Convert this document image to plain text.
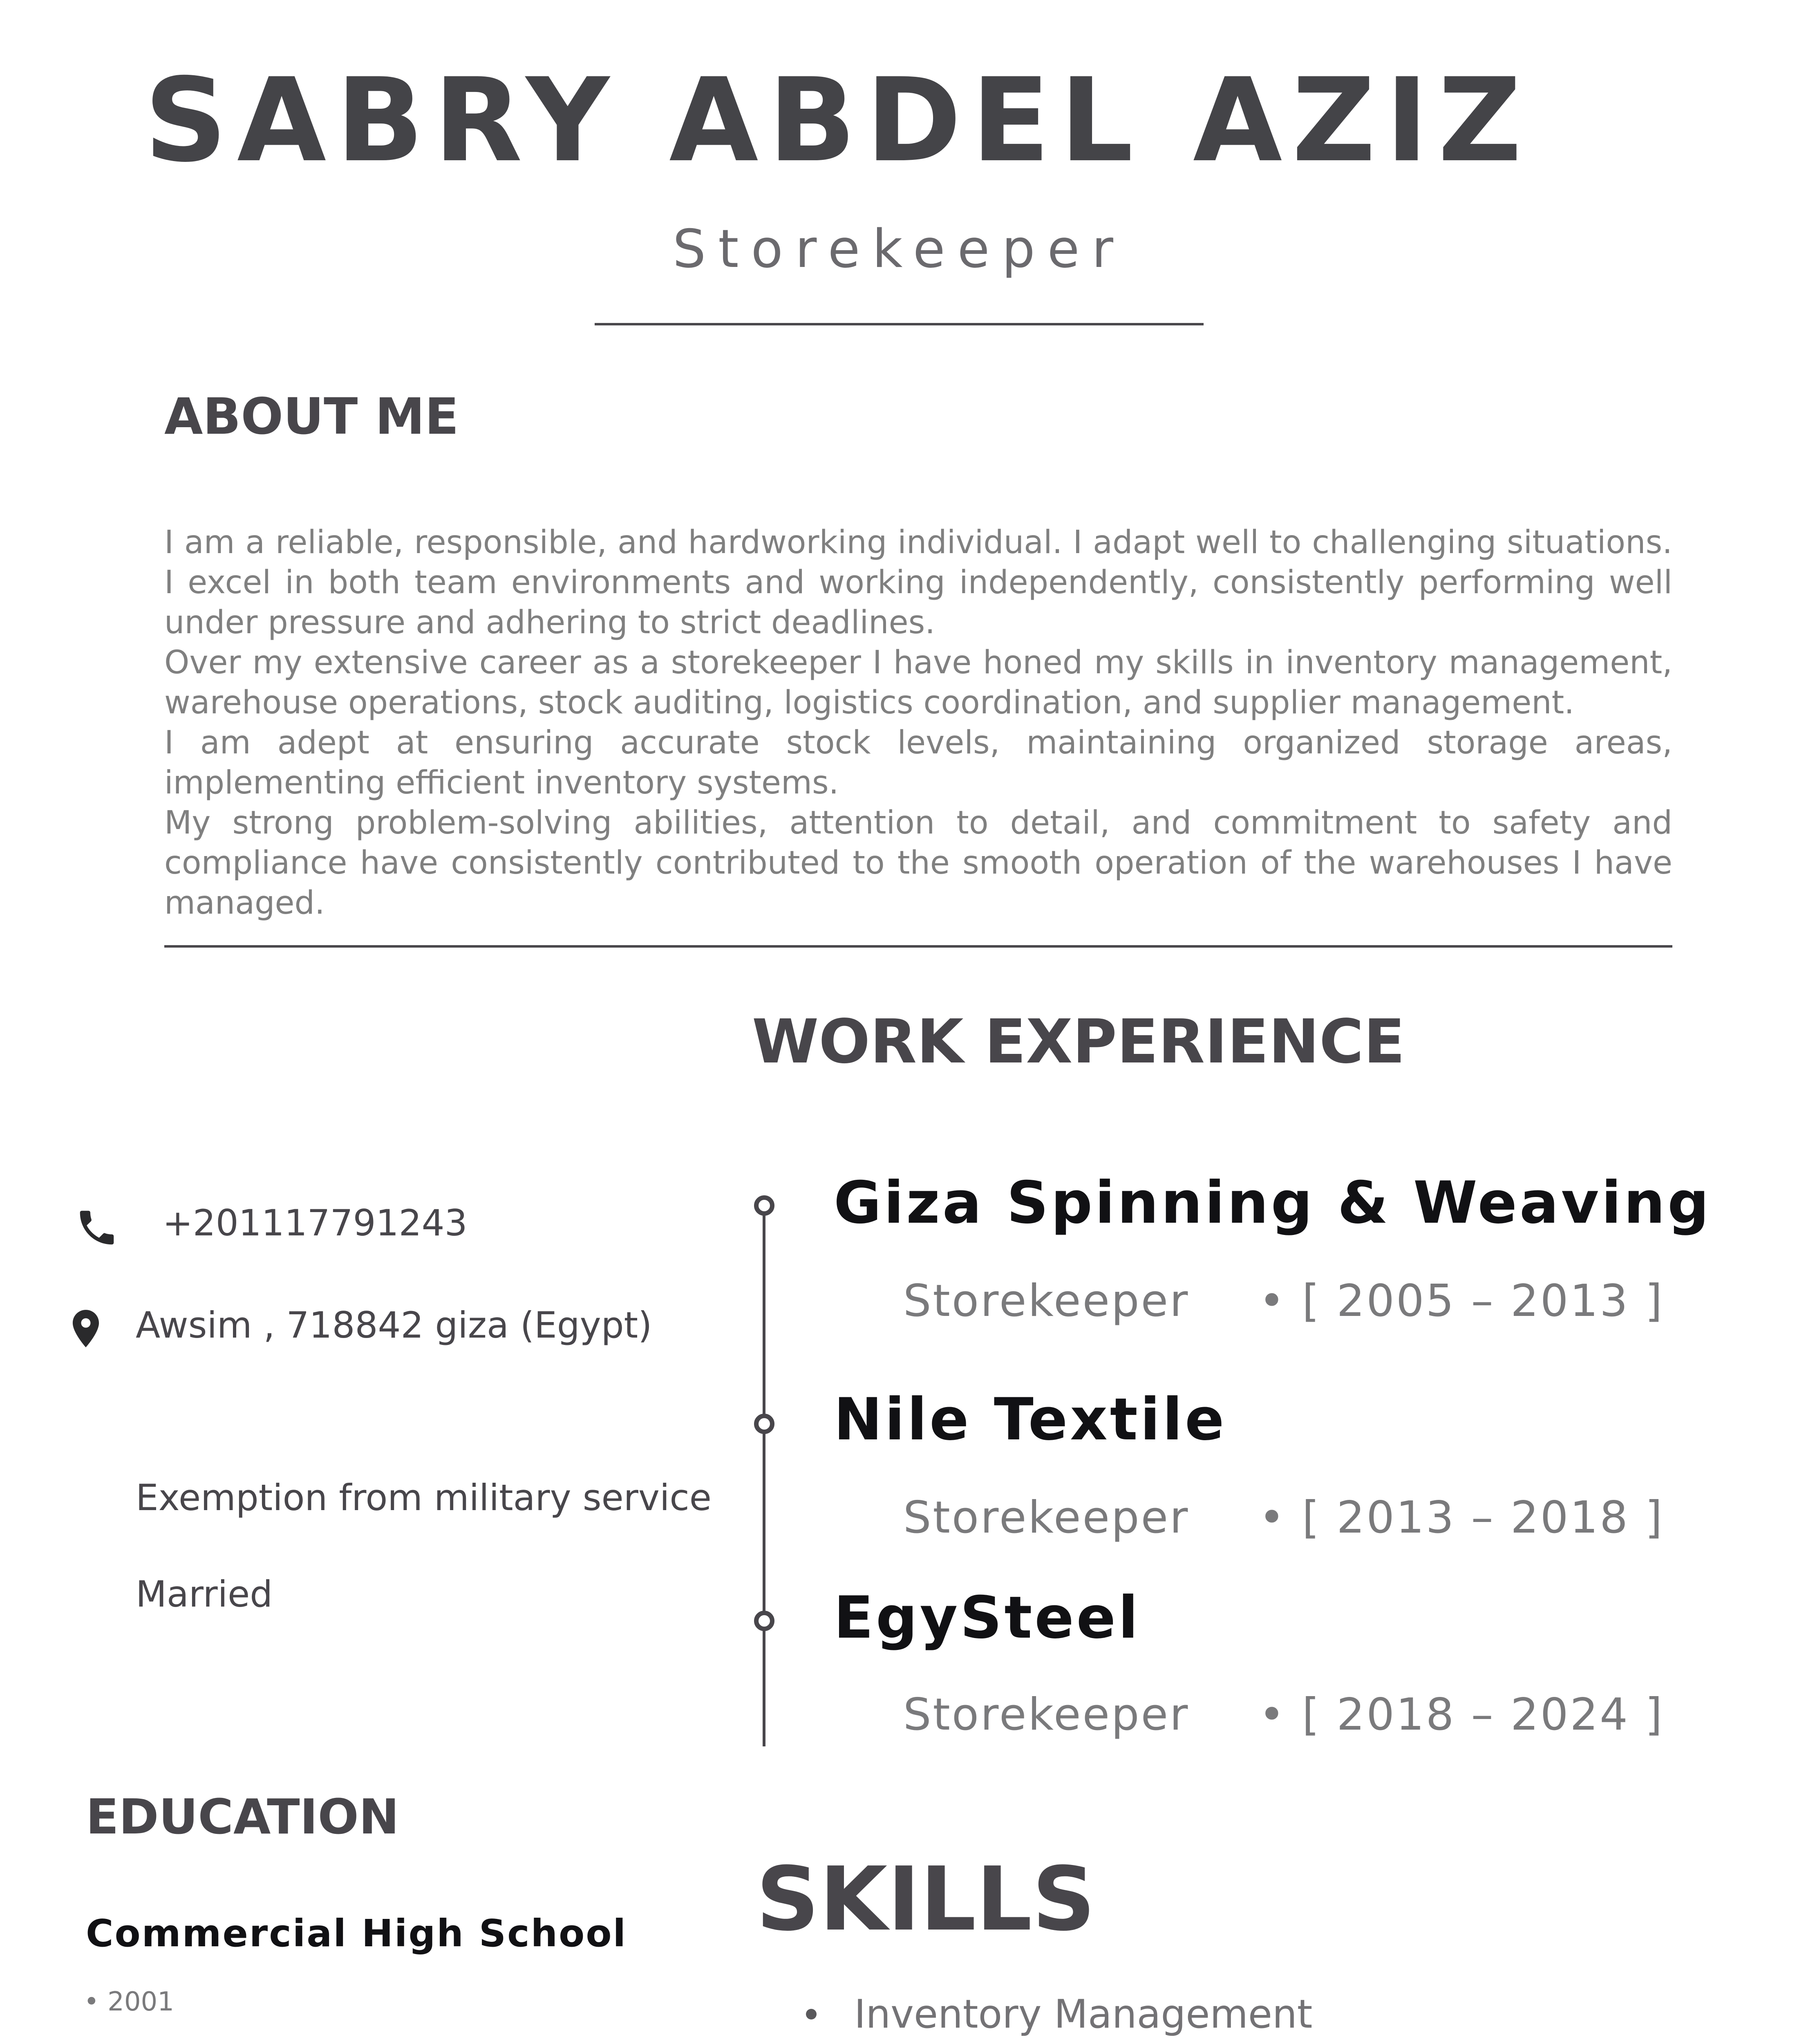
SABRY ABDEL AZIZ
Storekeeper
ABOUT ME

I am a reliable, responsible, and hardworking individual. I adapt well to challenging situations. I excel in both team environments and working independently, consistently performing well under pressure and adhering to strict deadlines.

Over my extensive career as a storekeeper I have honed my skills in inventory management, warehouse operations, stock auditing, logistics coordination, and supplier management.

I am adept at ensuring accurate stock levels, maintaining organized storage areas, implementing efficient inventory systems.

My strong problem-solving abilities, attention to detail, and commitment to safety and compliance have consistently contributed to the smooth operation of the warehouses I have managed.

WORK EXPERIENCE
+201117791243
Awsim , 718842 giza (Egypt)
Exemption from military service
Married
Giza Spinning & Weaving
Storekeeper • [ 2005 – 2013 ]
Nile Textile
Storekeeper • [ 2013 – 2018 ]
EgySteel
Storekeeper • [ 2018 – 2024 ]
EDUCATION
Commercial High School
• 2001
SKILLS
Inventory Management
